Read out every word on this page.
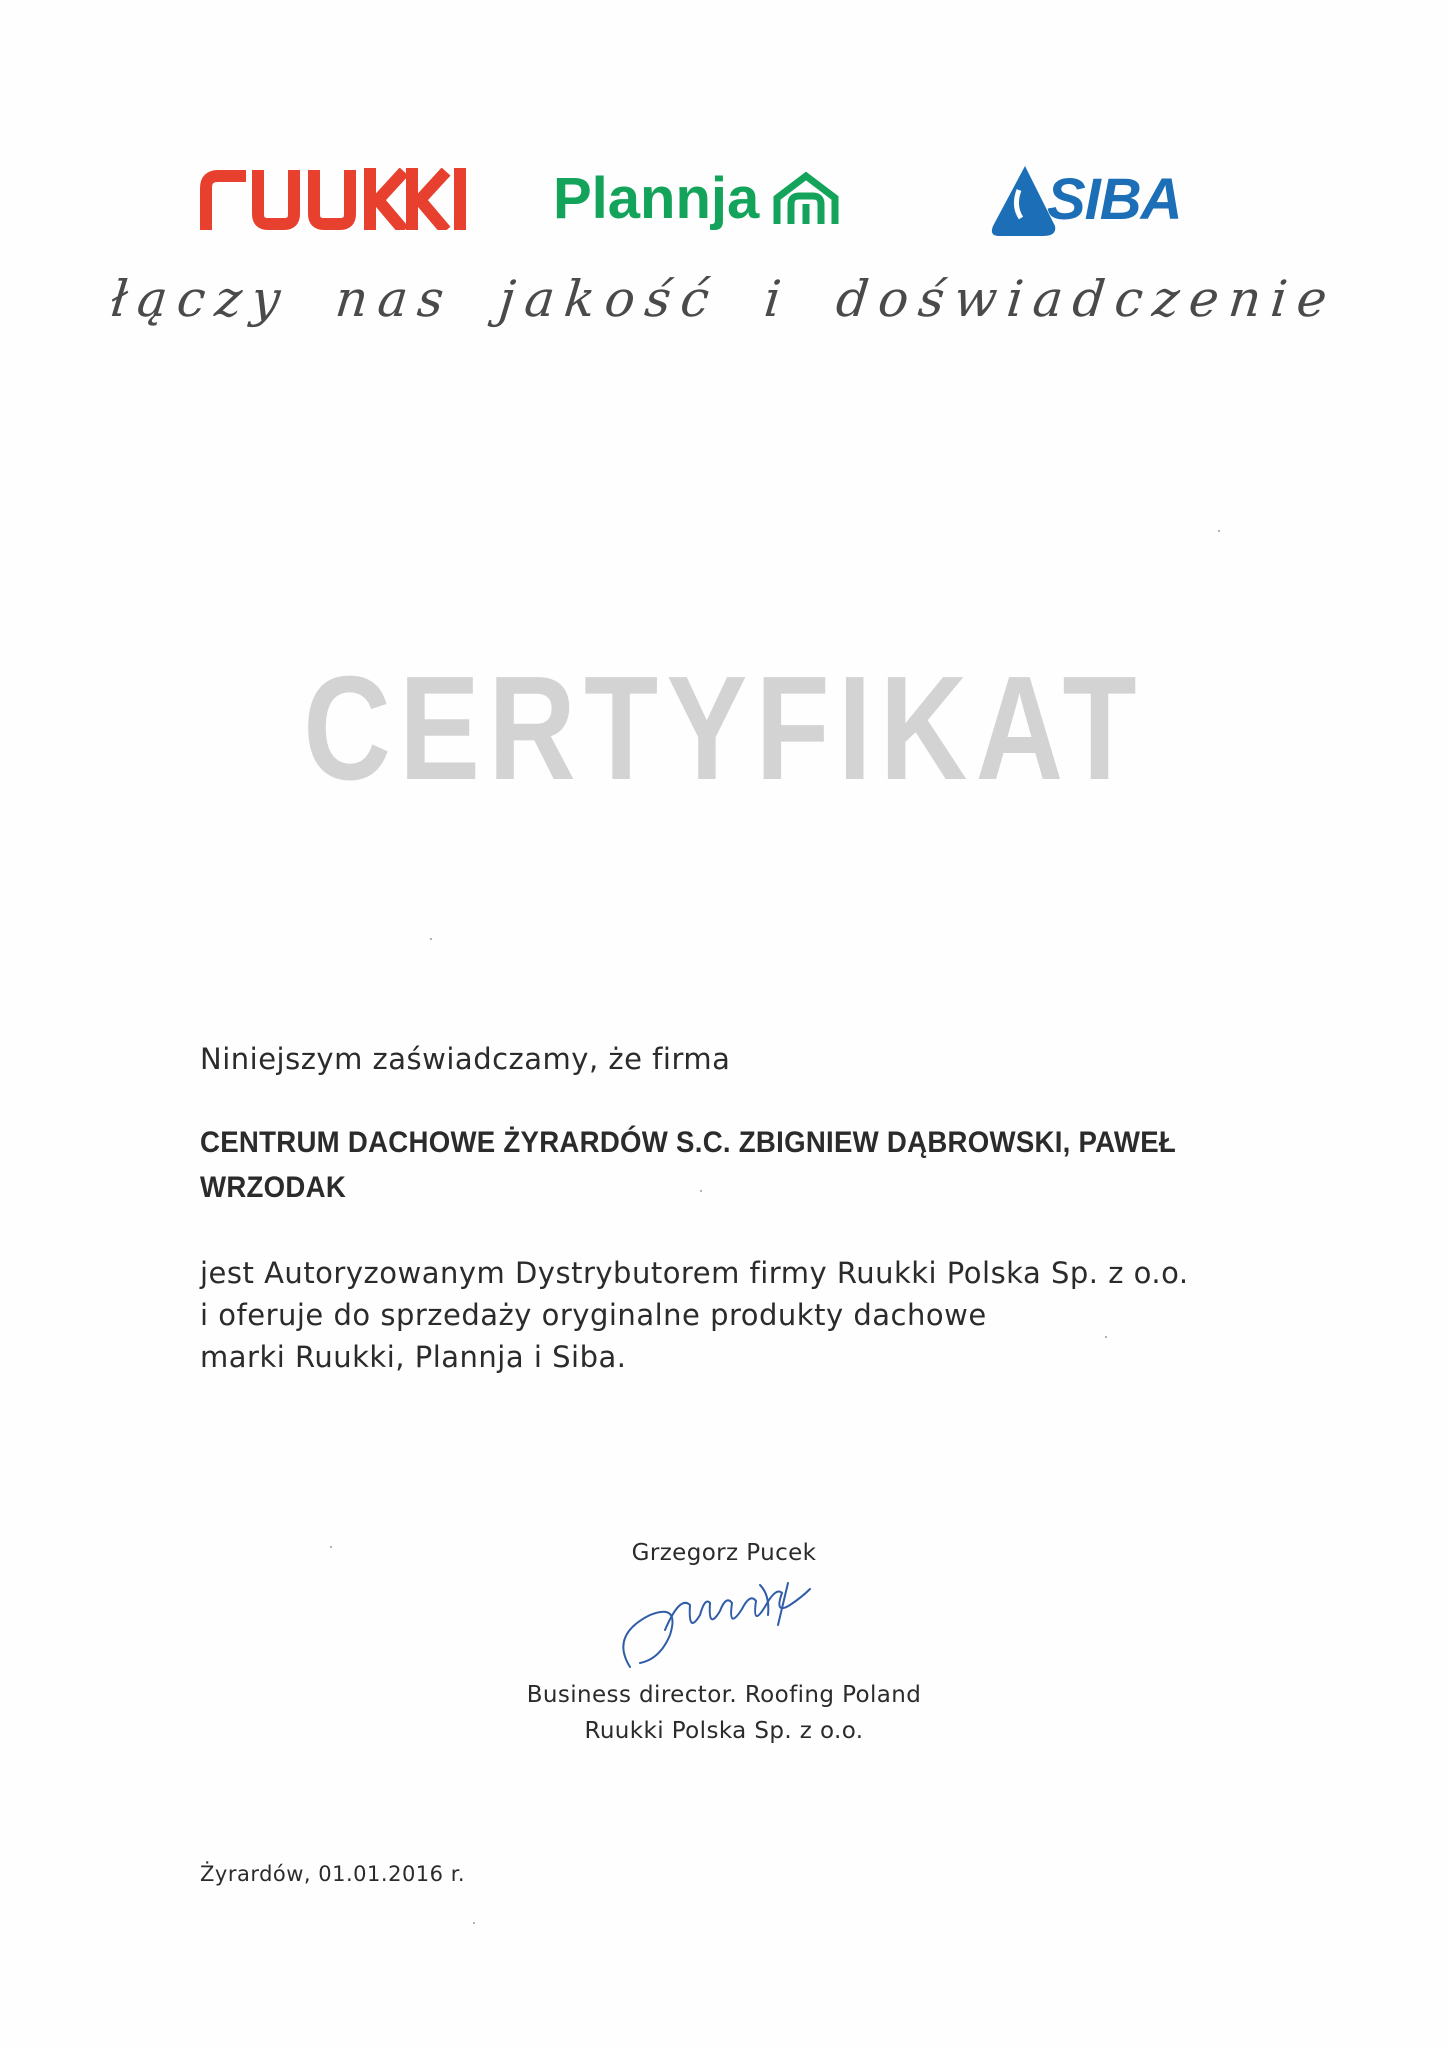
Plannja	SIBA
łączy nas jakość i doświadczenie
CERTYFIKAT
Niniejszym zaświadczamy, że firma
CENTRUM DACHOWE ŻYRARDÓW S.C. ZBIGNIEW DĄBROWSKI, PAWEŁ
WRZODAK
jest Autoryzowanym Dystrybutorem firmy Ruukki Polska Sp. z o.o.
i oferuje do sprzedaży oryginalne produkty dachowe
marki Ruukki, Plannja i Siba.
Grzegorz Pucek
Business director. Roofing Poland
Ruukki Polska Sp. z o.o.
Żyrardów, 01.01.2016 r.
